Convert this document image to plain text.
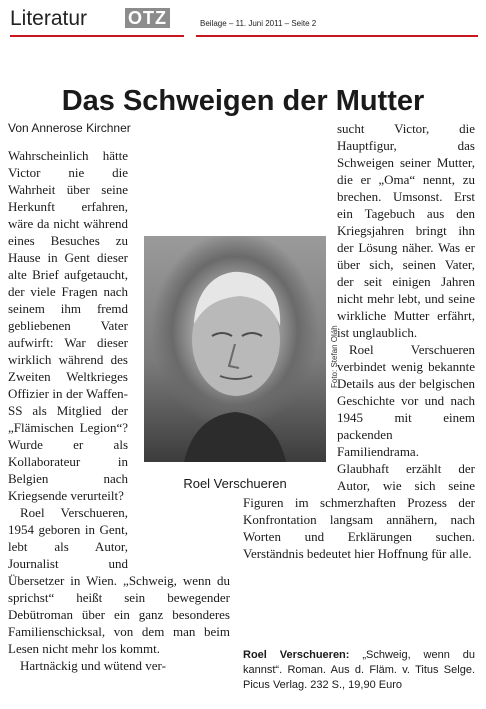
Literatur OTZ	Beilage – 11. Juni 2011 – Seite 2
Das Schweigen der Mutter

Von Annerose Kirchner

Wahrscheinlich hätte Victor nie die Wahrheit über seine Herkunft erfahren, wäre da nicht während eines Besuches zu Hause in Gent dieser alte Brief aufgetaucht, der viele Fragen nach seinem ihm fremd gebliebenen Vater aufwirft: War dieser wirklich während des Zweiten Weltkrieges Offizier in der Waffen-SS als Mitglied der „Flämischen Legion“? Wurde er als Kollaborateur in Belgien nach Kriegsende verurteilt?

Roel Verschueren, 1954 geboren in Gent, lebt als Autor, Journalist und Übersetzer in Wien. „Schweig, wenn du sprichst“ heißt sein bewegender Debütroman über ein ganz besonderes Familienschicksal, von dem man beim Lesen nicht mehr los kommt.

Hartnäckig und wütend ver-

sucht Victor, die Hauptfigur, das Schweigen seiner Mutter, die er „Oma“ nennt, zu brechen. Umsonst. Erst ein Tagebuch aus den Kriegsjahren bringt ihn der Lösung näher. Was er über sich, seinen Vater, der seit einigen Jahren nicht mehr lebt, und seine wirkliche Mutter erfährt, ist unglaublich.

Roel Verschueren verbindet wenig bekannte Details aus der belgischen Geschichte vor und nach 1945 mit einem packenden Familiendrama.

Glaubhaft erzählt der Autor, wie sich seine Figuren im schmerzhaften Prozess der Konfrontation langsam annähern, nach Worten und Erklärungen suchen. Verständnis bedeutet hier Hoffnung für alle.

Foto: Stefan Oláh
Roel Verschueren

Roel Verschueren: „Schweig, wenn du kannst“. Roman. Aus d. Fläm. v. Titus Selge. Picus Verlag. 232 S., 19,90 Euro
